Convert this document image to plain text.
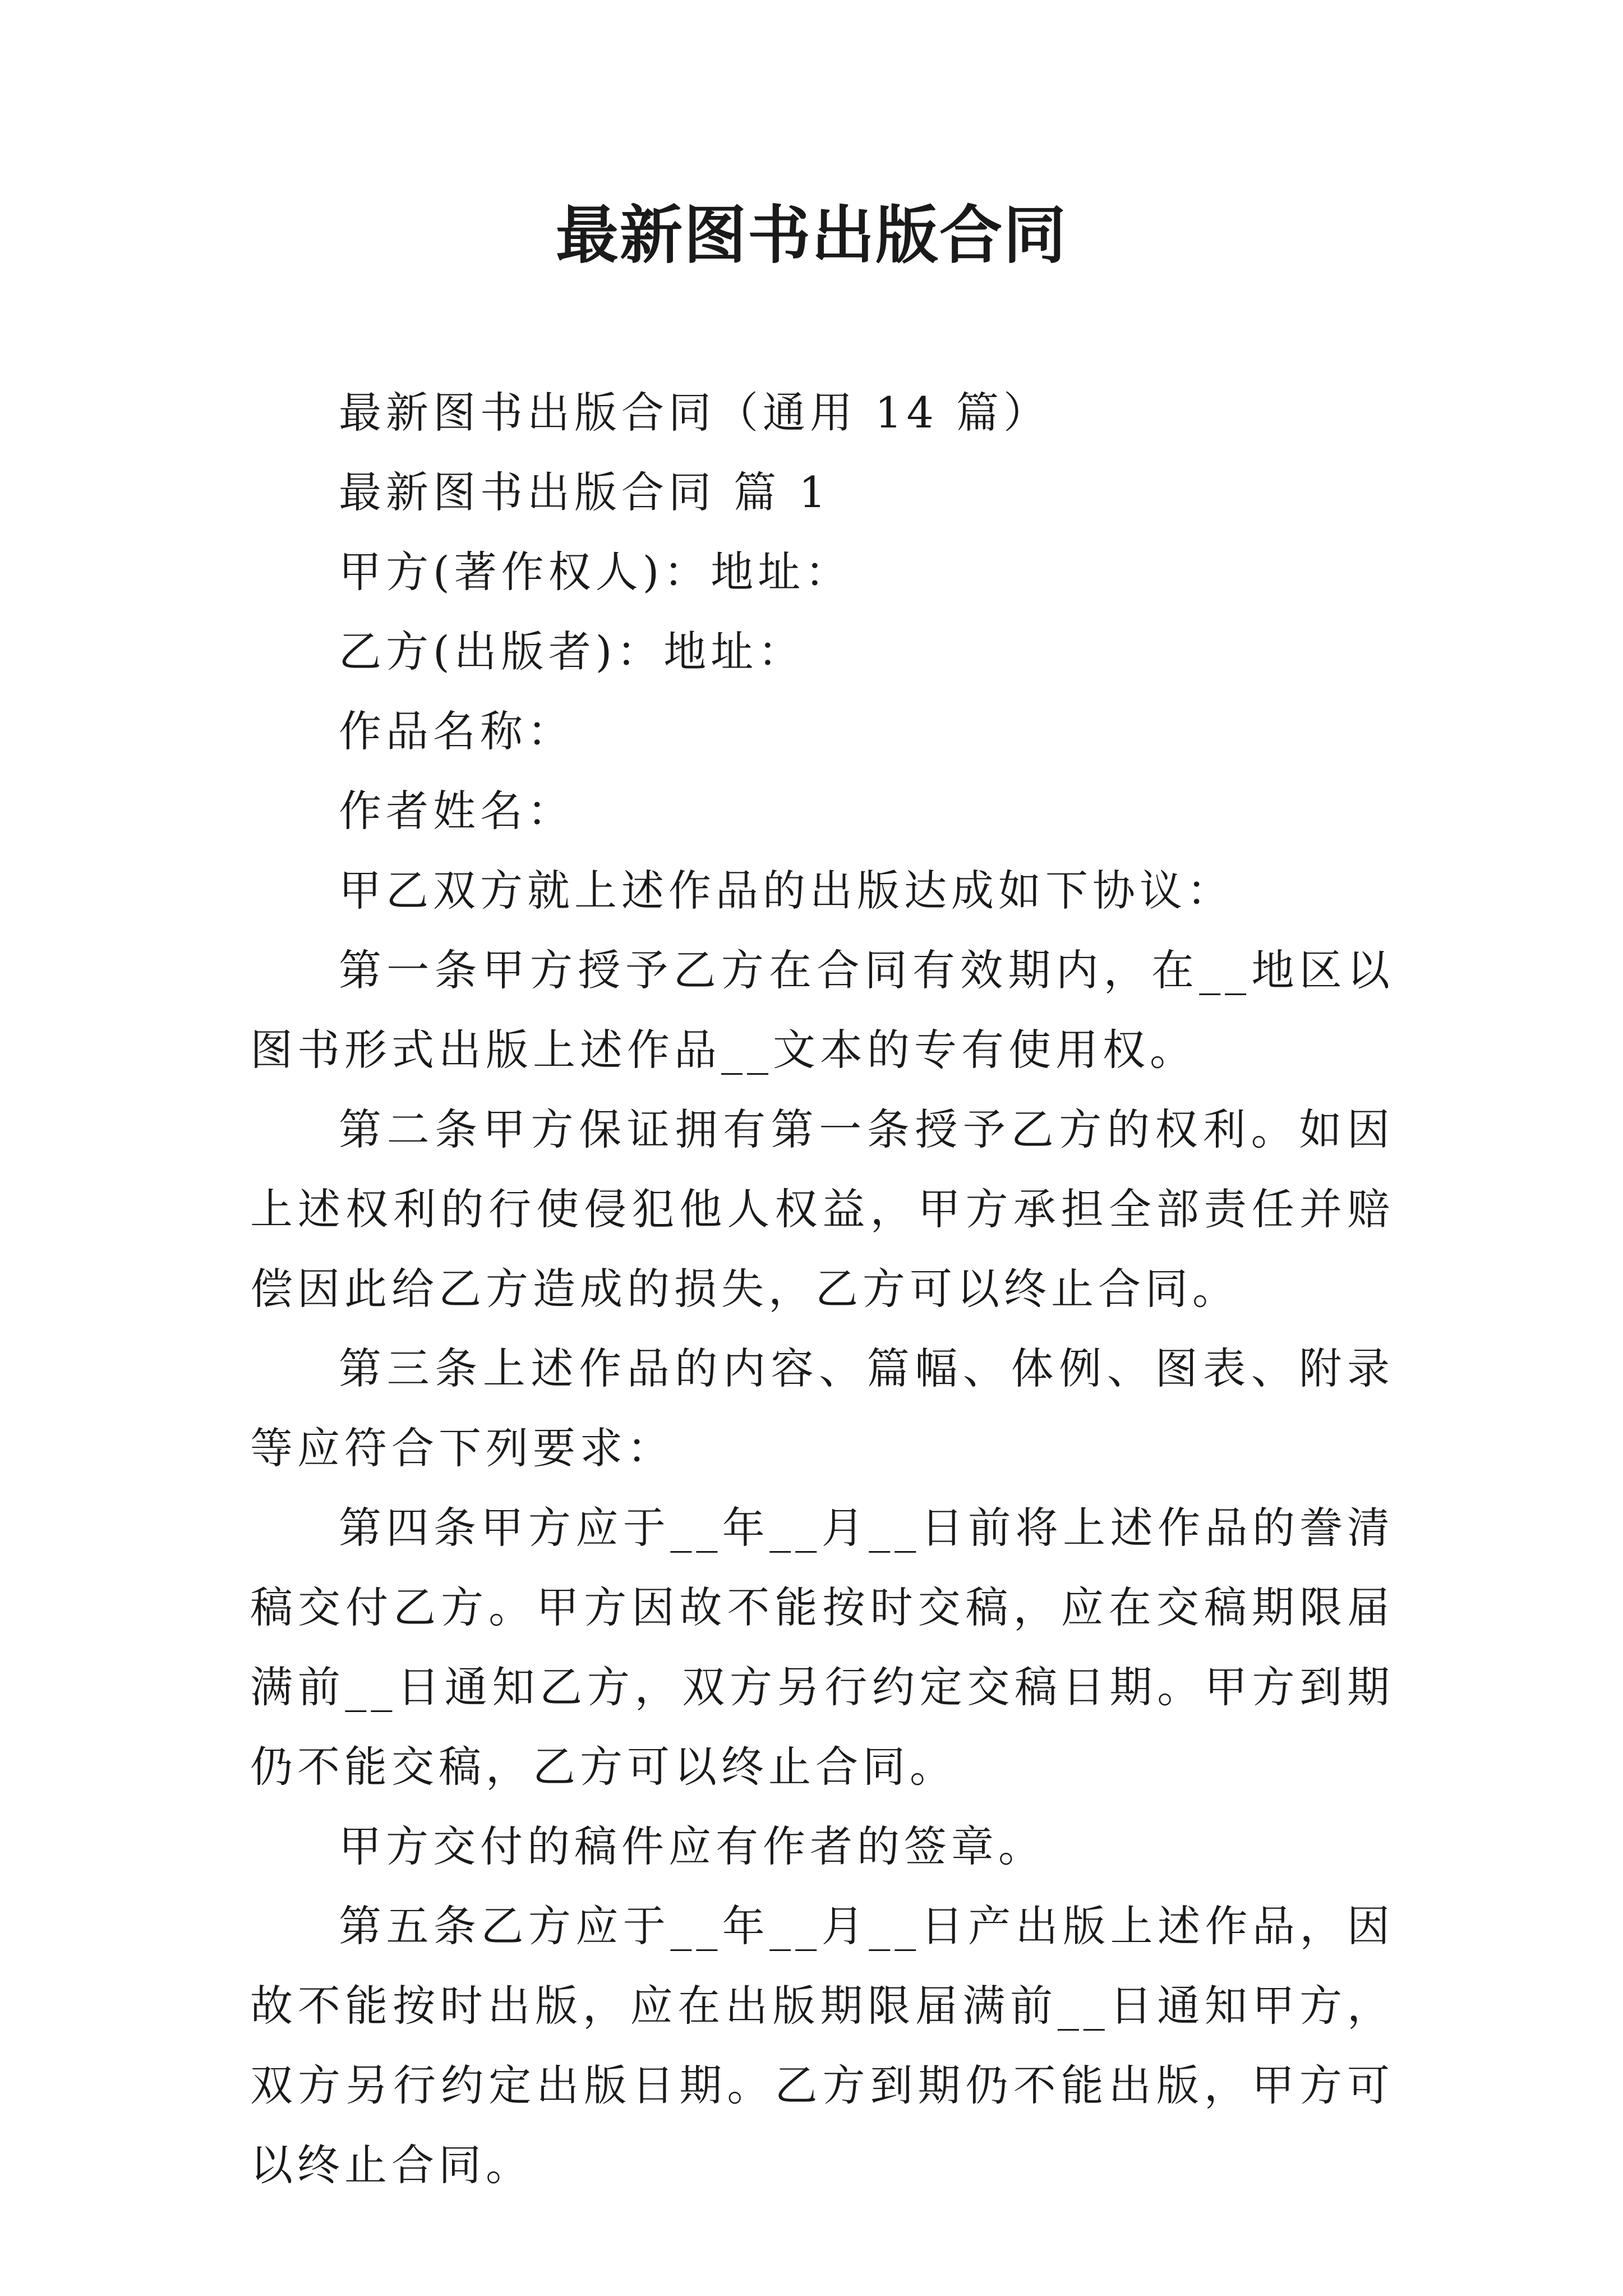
最新图书出版合同

最新图书出版合同（通用 14 篇）

最新图书出版合同 篇 1

甲方(著作权人)：地址：

乙方(出版者)：地址：

作品名称：

作者姓名：

甲乙双方就上述作品的出版达成如下协议：

第一条甲方授予乙方在合同有效期内，在__地区以图书形式出版上述作品__文本的专有使用权。

第二条甲方保证拥有第一条授予乙方的权利。如因上述权利的行使侵犯他人权益，甲方承担全部责任并赔偿因此给乙方造成的损失，乙方可以终止合同。

第三条上述作品的内容、篇幅、体例、图表、附录等应符合下列要求：

第四条甲方应于__年__月__日前将上述作品的誊清稿交付乙方。甲方因故不能按时交稿，应在交稿期限届满前__日通知乙方，双方另行约定交稿日期。甲方到期仍不能交稿，乙方可以终止合同。

甲方交付的稿件应有作者的签章。

第五条乙方应于__年__月__日产出版上述作品，因故不能按时出版，应在出版期限届满前__日通知甲方，双方另行约定出版日期。乙方到期仍不能出版，甲方可以终止合同。
